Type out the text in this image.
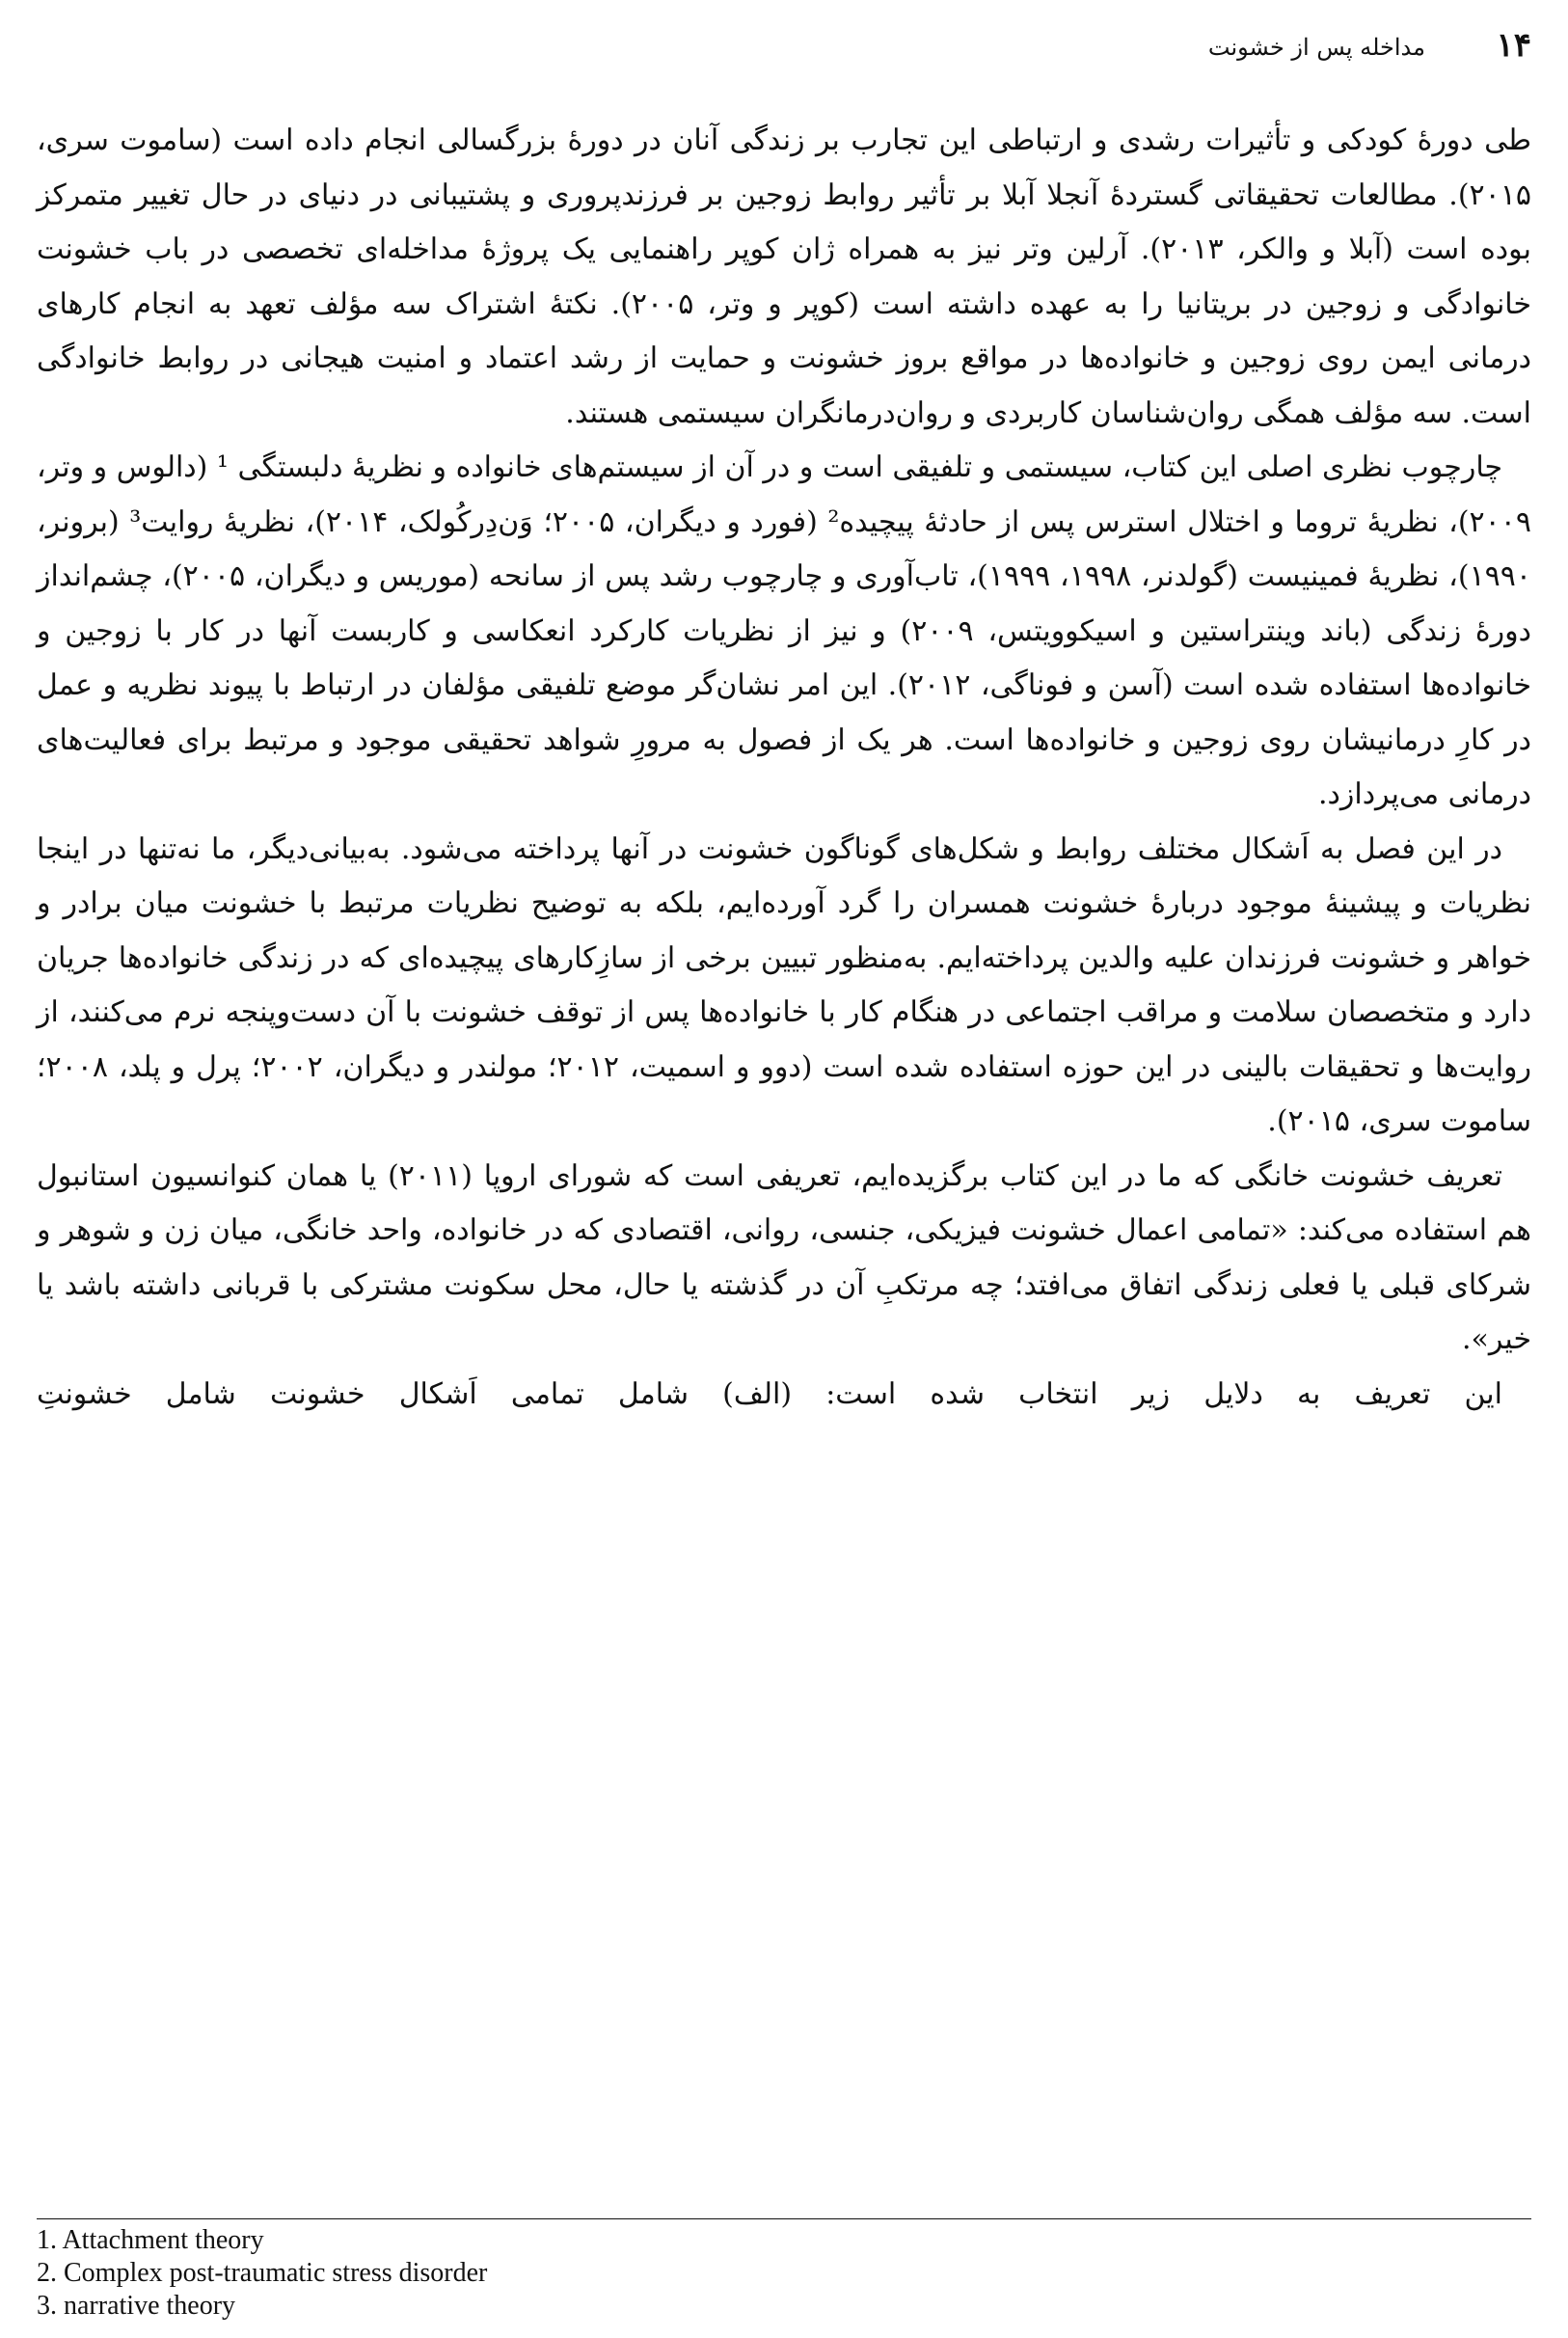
۱۴
مداخله پس از خشونت

طی دورهٔ کودکی و تأثیرات رشدی و ارتباطی این تجارب بر زندگی آنان در دورهٔ بزرگسالی انجام داده است (ساموت سری، ۲۰۱۵). مطالعات تحقیقاتی گستردهٔ آنجلا آبلا بر تأثیر روابط زوجین بر فرزندپروری و پشتیبانی در دنیای در حال تغییر متمرکز بوده است (آبلا و والکر، ۲۰۱۳). آرلین وتر نیز به همراه ژان کوپر راهنمایی یک پروژهٔ مداخله‌ای تخصصی در باب خشونت خانوادگی و زوجین در بریتانیا را به عهده داشته است (کوپر و وتر، ۲۰۰۵). نکتهٔ اشتراک سه مؤلف تعهد به انجام کارهای درمانی ایمن روی زوجین و خانواده‌ها در مواقع بروز خشونت و حمایت از رشد اعتماد و امنیت هیجانی در روابط خانوادگی است. سه مؤلف همگی روان‌شناسان کاربردی و روان‌درمانگران سیستمی هستند.

چارچوب نظری اصلی این کتاب، سیستمی و تلفیقی است و در آن از سیستم‌های خانواده و نظریهٔ دلبستگی ¹ (دالوس و وتر، ۲۰۰۹)، نظریهٔ تروما و اختلال استرس پس از حادثهٔ پیچیده² (فورد و دیگران، ۲۰۰۵؛ وَن‌دِرکُولک، ۲۰۱۴)، نظریهٔ روایت³ (برونر، ۱۹۹۰)، نظریهٔ فمینیست (گولدنر، ۱۹۹۸، ۱۹۹۹)، تاب‌آوری و چارچوب رشد پس از سانحه (موریس و دیگران، ۲۰۰۵)، چشم‌انداز دورهٔ زندگی (باند وینتراستین و اسیکوویتس، ۲۰۰۹) و نیز از نظریات کارکرد انعکاسی و کاربست آنها در کار با زوجین و خانواده‌ها استفاده شده است (آسن و فوناگی، ۲۰۱۲). این امر نشان‌گر موضع تلفیقی مؤلفان در ارتباط با پیوند نظریه و عمل در کارِ درمانیشان روی زوجین و خانواده‌ها است. هر یک از فصول به مرورِ شواهد تحقیقی موجود و مرتبط برای فعالیت‌های درمانی می‌پردازد.

در این فصل به اَشکال مختلف روابط و شکل‌های گوناگون خشونت در آنها پرداخته می‌شود. به‌بیانی‌دیگر، ما نه‌تنها در اینجا نظریات و پیشینهٔ موجود دربارهٔ خشونت همسران را گرد آورده‌ایم، بلکه به توضیح نظریات مرتبط با خشونت میان برادر و خواهر و خشونت فرزندان علیه والدین پرداخته‌ایم. به‌منظور تبیین برخی از سازِکارهای پیچیده‌ای که در زندگی خانواده‌ها جریان دارد و متخصصان سلامت و مراقب اجتماعی در هنگام کار با خانواده‌ها پس از توقف خشونت با آن دست‌وپنجه نرم می‌کنند، از روایت‌ها و تحقیقات بالینی در این حوزه استفاده شده است (دوو و اسمیت، ۲۰۱۲؛ مولندر و دیگران، ۲۰۰۲؛ پرل و پلد، ۲۰۰۸؛ ساموت سری، ۲۰۱۵).

تعریف خشونت خانگی که ما در این کتاب برگزیده‌ایم، تعریفی است که شورای اروپا (۲۰۱۱) یا همان کنوانسیون استانبول هم استفاده می‌کند: «تمامی اعمال خشونت فیزیکی، جنسی، روانی، اقتصادی که در خانواده، واحد خانگی، میان زن و شوهر و شرکای قبلی یا فعلی زندگی اتفاق می‌افتد؛ چه مرتکبِ آن در گذشته یا حال، محل سکونت مشترکی با قربانی داشته باشد یا خیر».

این تعریف به دلایل زیر انتخاب شده است: (الف) شامل تمامی اَشکال خشونت شامل خشونتِ

1. Attachment theory

2. Complex post-traumatic stress disorder

3. narrative theory
